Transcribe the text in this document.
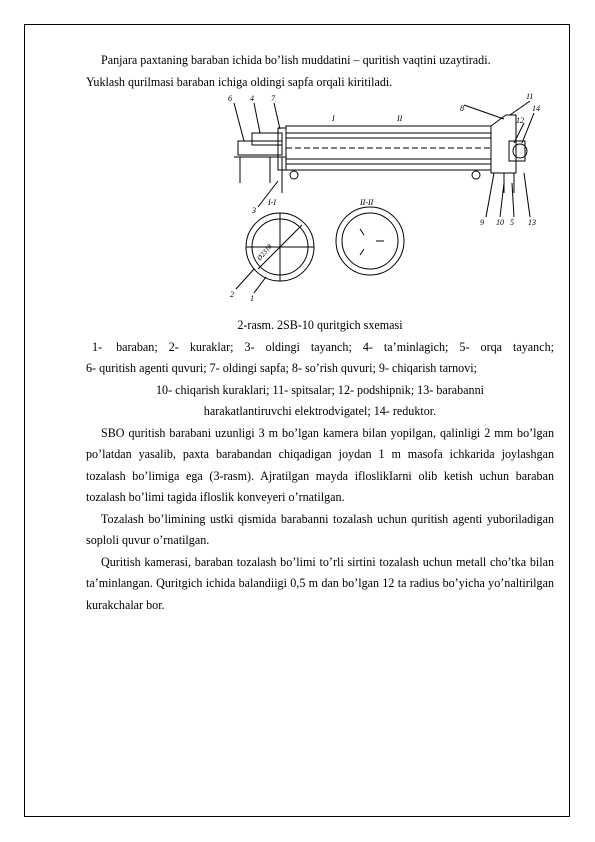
Panjara paxtaning baraban ichida bo’lish muddatini – quritish vaqtini uzaytiradi.

Yuklash qurilmasi baraban ichiga oldingi sapfa orqali kiritiladi.

6 4 7
I	II
8
11
14
12
3
I-I	II-II
9 10 5 13
2 1
Ø2318

2-rasm. 2SB-10 quritgich sxemasi

1- baraban; 2- kuraklar; 3- oldingi tayanch; 4- ta’minlagich; 5- orqa tayanch;

6- quritish agenti quvuri; 7- oldingi sapfa; 8- so’rish quvuri; 9- chiqarish tarnovi;

10- chiqarish kuraklari; 11- spitsalar; 12- podshipnik; 13- barabanni

harakatlantiruvchi elektrodvigatel; 14- reduktor.

SBO quritish barabani uzunligi 3 m bo’lgan kamera bilan yopilgan, qalinligi 2 mm bo’lgan po’latdan yasalib, paxta barabandan chiqadigan joydan 1 m masofa ichkarida joylashgan tozalash bo’limiga ega (3-rasm). Ajratilgan mayda ifloslikIarni olib ketish uchun baraban tozalash bo’limi tagida ifloslik konveyeri o’rnatilgan.

Tozalash bo’limining ustki qismida barabanni tozalash uchun quritish agenti yuboriladigan soploli quvur o’rnatilgan.

Quritish kamerasi, baraban tozalash bo’limi to’rli sirtini tozalash uchun metall cho’tka bilan ta’minlangan. Quritgich ichida balandiigi 0,5 m dan bo’lgan 12 ta radius bo’yicha yo’naltirilgan kurakchalar bor.
